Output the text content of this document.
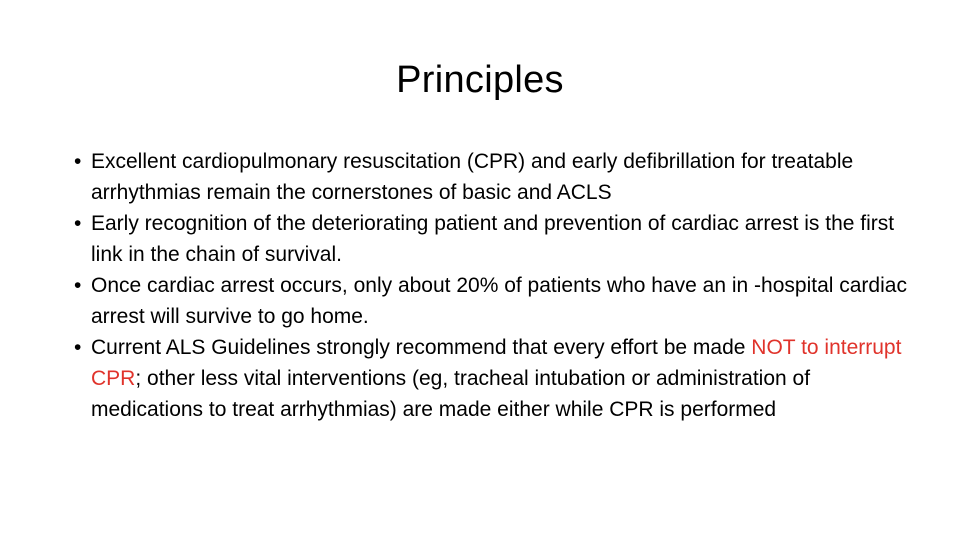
Principles
• Excellent cardiopulmonary resuscitation (CPR) and early defibrillation for treatable arrhythmias remain the cornerstones of basic and ACLS
• Early recognition of the deteriorating patient and prevention of cardiac arrest is the first link in the chain of survival.
• Once cardiac arrest occurs, only about 20% of patients who have an in -hospital cardiac arrest will survive to go home.
• Current ALS Guidelines strongly recommend that every effort be made NOT to interrupt CPR; other less vital interventions (eg, tracheal intubation or administration of medications to treat arrhythmias) are made either while CPR is performed
